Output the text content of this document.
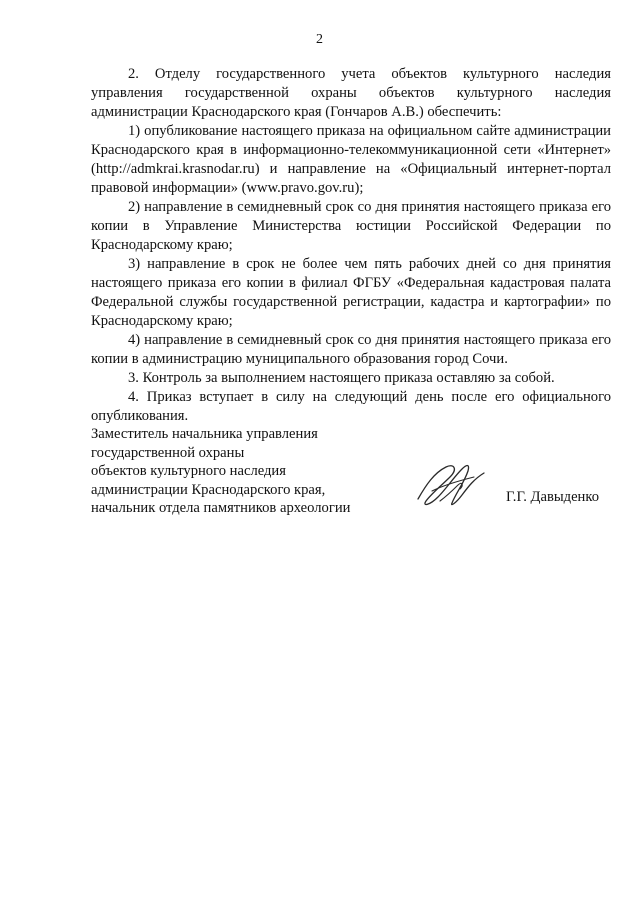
2

2. Отделу государственного учета объектов культурного наследия управления государственной охраны объектов культурного наследия администрации Краснодарского края (Гончаров А.В.) обеспечить:

1) опубликование настоящего приказа на официальном сайте администрации Краснодарского края в информационно-телекоммуникационной сети «Интернет» (http://admkrai.krasnodar.ru) и направление на «Официальный интернет-портал правовой информации» (www.pravo.gov.ru);

2) направление в семидневный срок со дня принятия настоящего приказа его копии в Управление Министерства юстиции Российской Федерации по Краснодарскому краю;

3) направление в срок не более чем пять рабочих дней со дня принятия настоящего приказа его копии в филиал ФГБУ «Федеральная кадастровая палата Федеральной службы государственной регистрации, кадастра и картографии» по Краснодарскому краю;

4) направление в семидневный срок со дня принятия настоящего приказа его копии в администрацию муниципального образования город Сочи.

3. Контроль за выполнением настоящего приказа оставляю за собой.

4. Приказ вступает в силу на следующий день после его официального опубликования.

Заместитель начальника управления
государственной охраны
объектов культурного наследия
администрации Краснодарского края,
начальник отдела памятников археологии
Г.Г. Давыденко
